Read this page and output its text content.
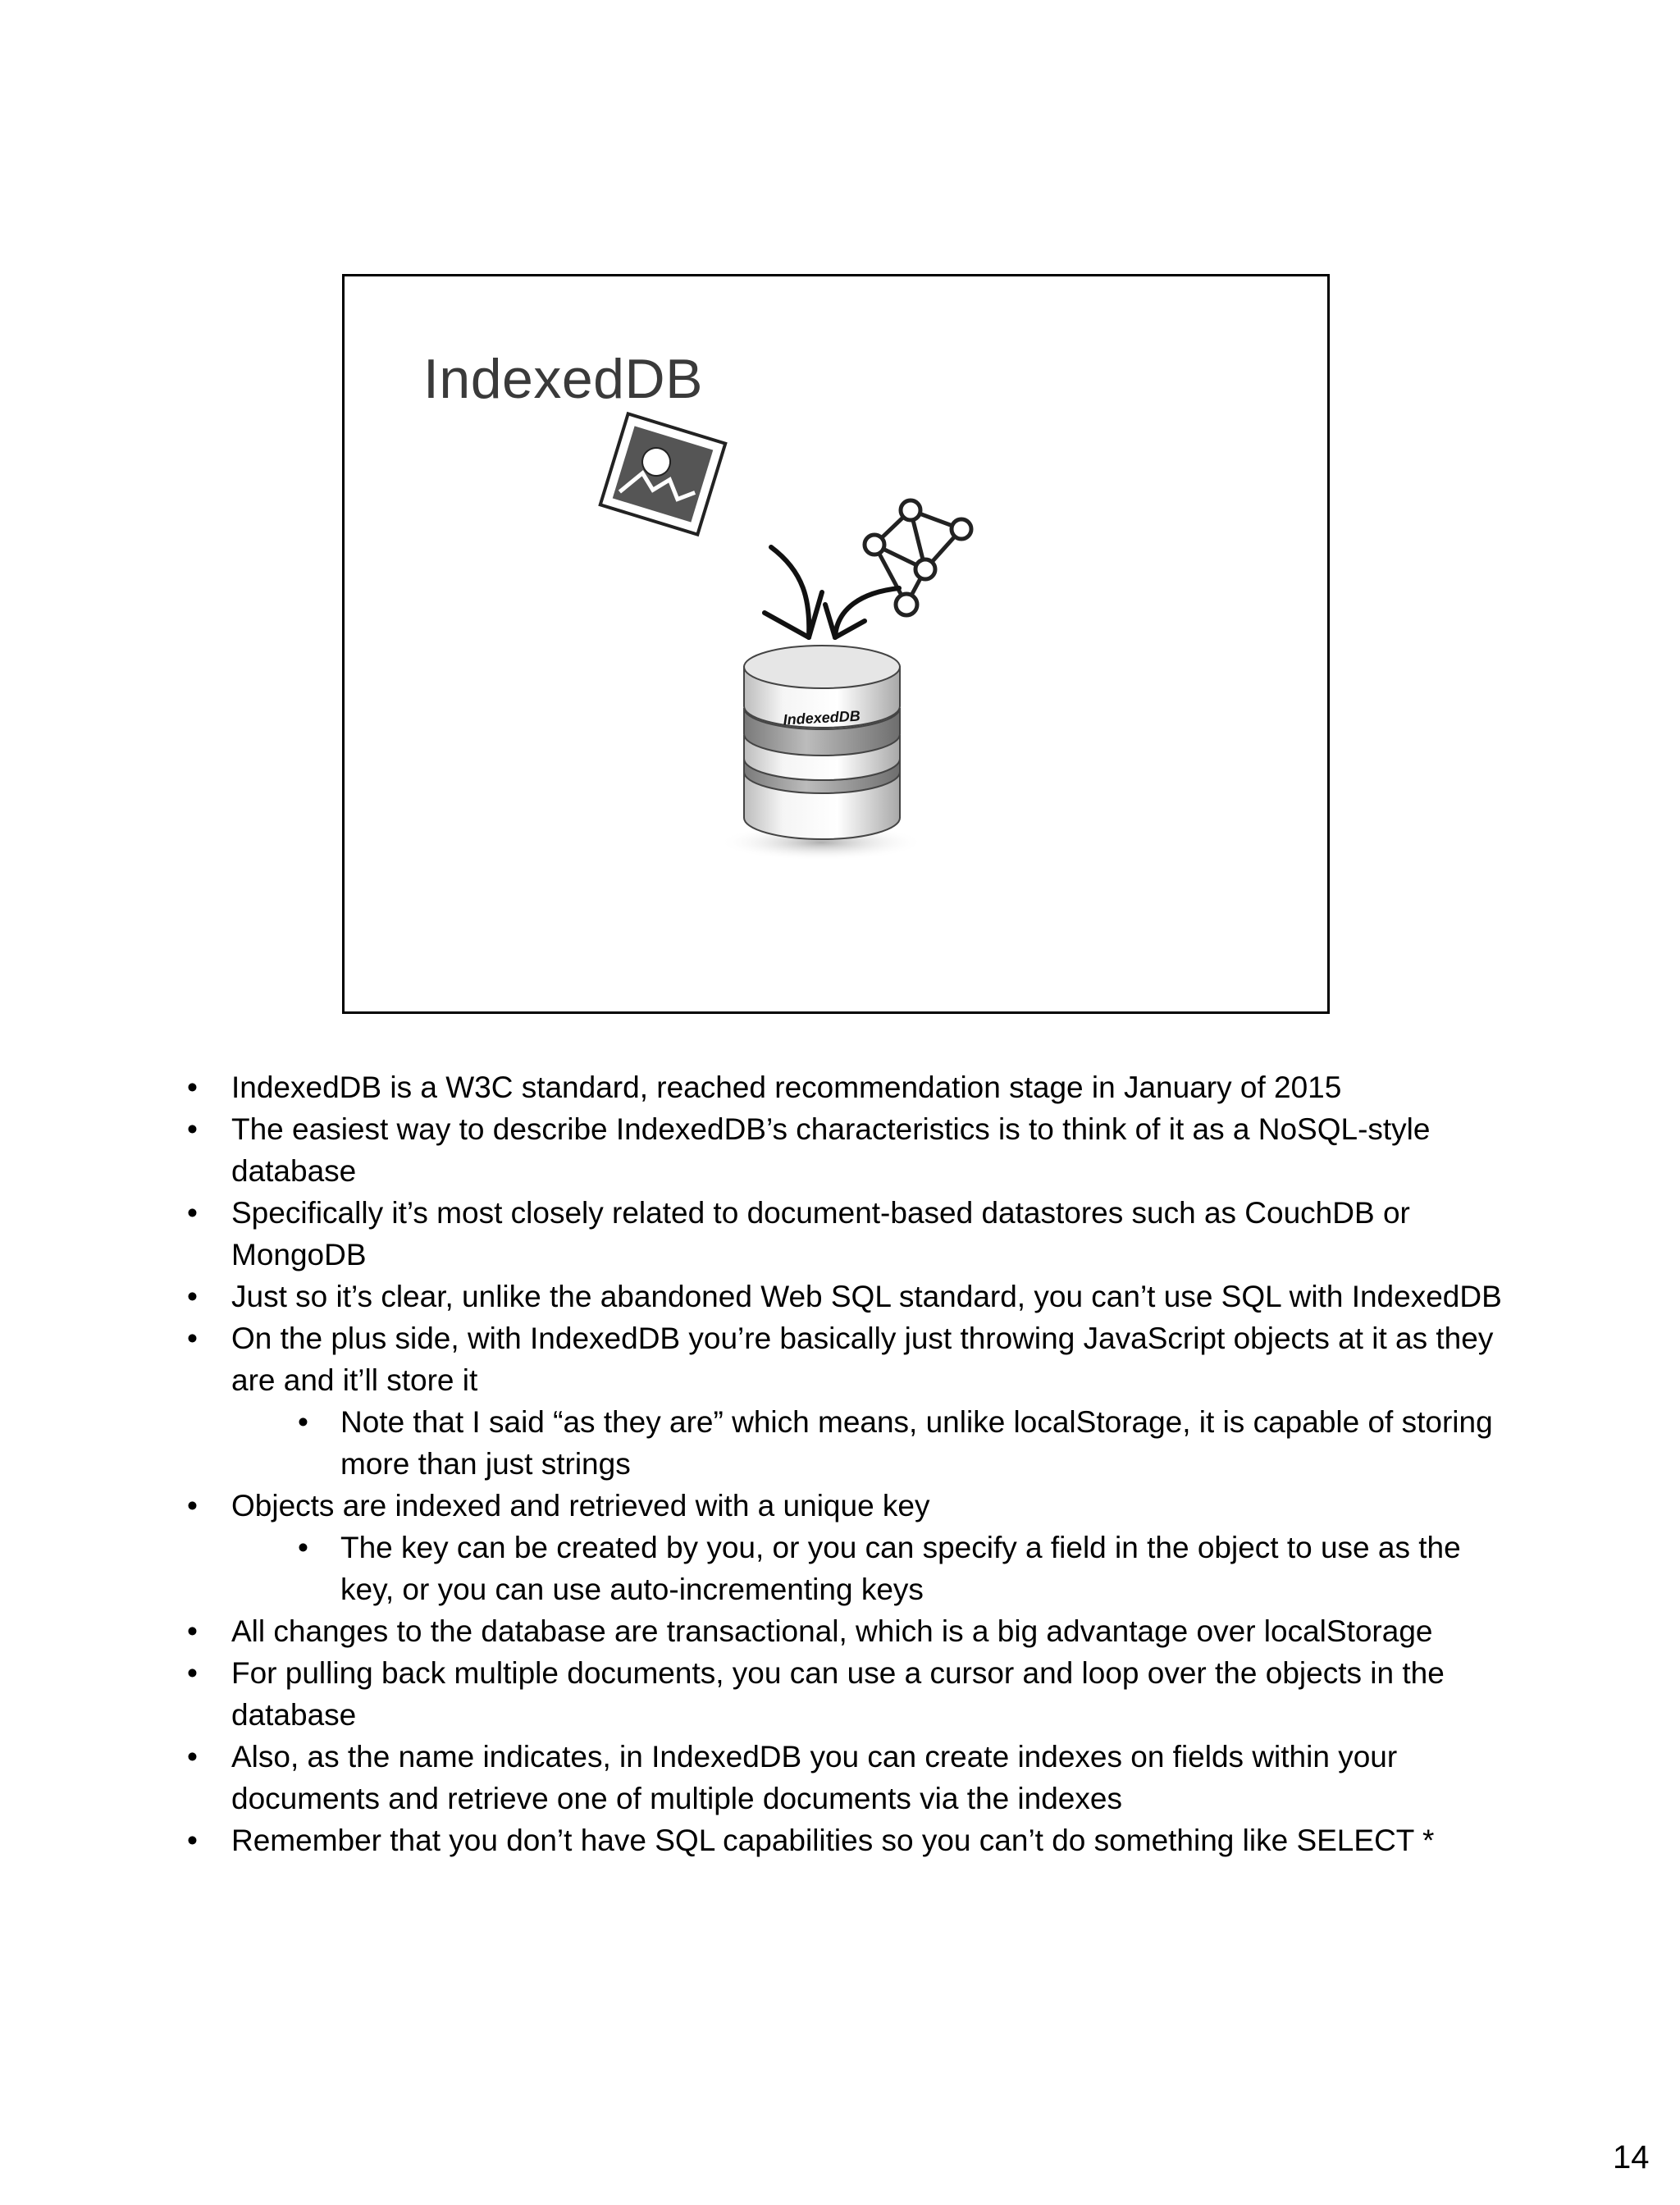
IndexedDB
IndexedDB
• IndexedDB is a W3C standard, reached recommendation stage in January of 2015
• The easiest way to describe IndexedDB’s characteristics is to think of it as a NoSQL-style database
• Specifically it’s most closely related to document-based datastores such as CouchDB or MongoDB
• Just so it’s clear, unlike the abandoned Web SQL standard, you can’t use SQL with IndexedDB
• On the plus side, with IndexedDB you’re basically just throwing JavaScript objects at it as they are and it’ll store it
• Note that I said “as they are” which means, unlike localStorage, it is capable of storing more than just strings
• Objects are indexed and retrieved with a unique key
• The key can be created by you, or you can specify a field in the object to use as the key, or you can use auto-incrementing keys
• All changes to the database are transactional, which is a big advantage over localStorage
• For pulling back multiple documents, you can use a cursor and loop over the objects in the database
• Also, as the name indicates, in IndexedDB you can create indexes on fields within your documents and retrieve one of multiple documents via the indexes
• Remember that you don’t have SQL capabilities so you can’t do something like SELECT *
14
